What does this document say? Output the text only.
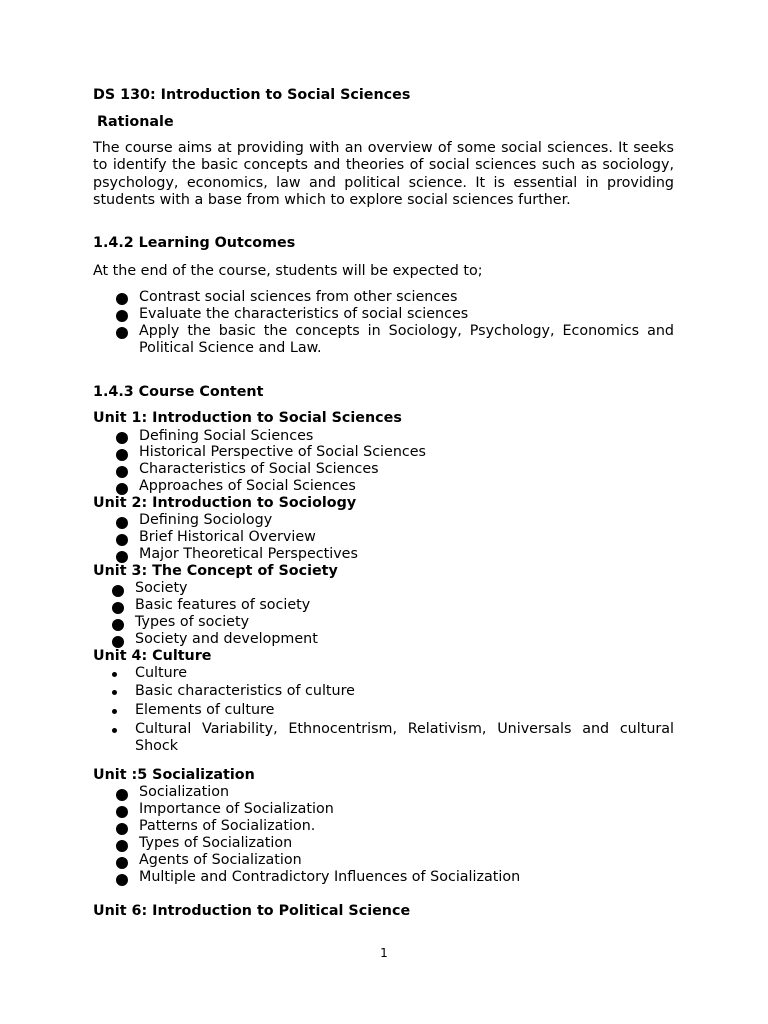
DS 130: Introduction to Social Sciences
Rationale
The course aims at providing with an overview of some social sciences. It seeks to identify the basic concepts and theories of social sciences such as sociology, psychology, economics, law and political science. It is essential in providing students with a base from which to explore social sciences further.
1.4.2 Learning Outcomes
At the end of the course, students will be expected to;
Contrast social sciences from other sciences
Evaluate the characteristics of social sciences
Apply the basic the concepts in Sociology, Psychology, Economics and Political Science and Law.
1.4.3 Course Content
Unit 1: Introduction to Social Sciences
Defining Social Sciences
Historical Perspective of Social Sciences
Characteristics of Social Sciences
Approaches of Social Sciences
Unit 2: Introduction to Sociology
Defining Sociology
Brief Historical Overview
Major Theoretical Perspectives
Unit 3: The Concept of Society
Society
Basic features of society
Types of society
Society and development
Unit 4: Culture
Culture
Basic characteristics of culture
Elements of culture
Cultural Variability, Ethnocentrism, Relativism, Universals and cultural Shock
Unit :5 Socialization
Socialization
Importance of Socialization
Patterns of Socialization.
Types of Socialization
Agents of Socialization
Multiple and Contradictory Influences of Socialization
Unit 6: Introduction to Political Science
1
